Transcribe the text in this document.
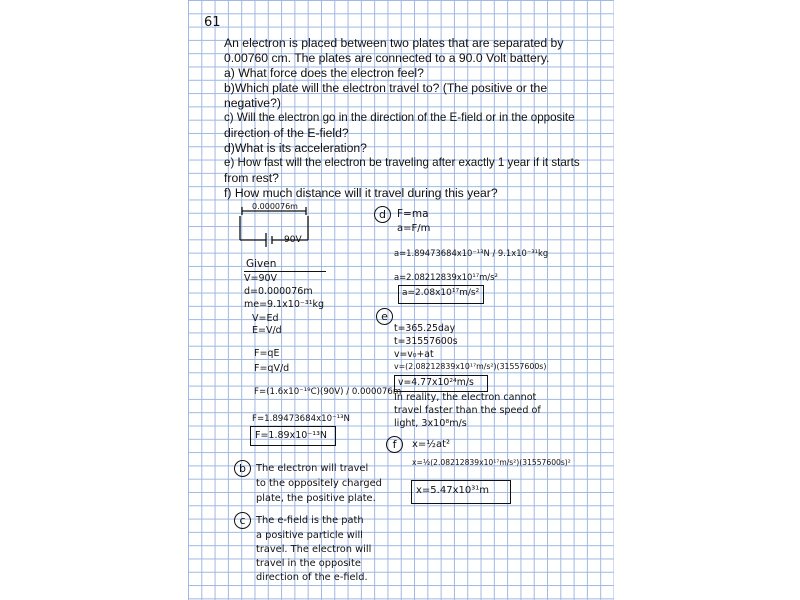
61
An electron is placed between two plates that are separated by
0.00760 cm. The plates are connected to a 90.0 Volt battery.
a) What force does the electron feel?
b)Which plate will the electron travel to? (The positive or the
negative?)
c) Will the electron go in the direction of the E-field or in the opposite
direction of the E-field?
d)What is its acceleration?
e) How fast will the electron be traveling after exactly 1 year if it starts
from rest?
f) How much distance will it travel during this year?
0.000076m
90V
Given
V=90V
d=0.000076m
me=9.1x10⁻³¹kg
V=Ed
E=V/d
F=qE
F=qV/d
F=(1.6x10⁻¹⁹C)(90V) / 0.000076m
F=1.89473684x10⁻¹³N
F=1.89x10⁻¹³N
b	The electron will travel
to the oppositely charged
plate, the positive plate.
c	The e-field is the path
a positive particle will
travel. The electron will
travel in the opposite
direction of the e-field.
d	F=ma
a=F/m
a=1.89473684x10⁻¹³N / 9.1x10⁻³¹kg
a=2.08212839x10¹⁷m/s²
a=2.08x10¹⁷m/s²
e
t=365.25day
t=31557600s
v=v₀+at
v=(2.08212839x10¹⁷m/s²)(31557600s)
v=4.77x10²⁴m/s
In reality, the electron cannot
travel faster than the speed of
light, 3x10⁸m/s
f	x=½at²
x=½(2.08212839x10¹⁷m/s²)(31557600s)²
x=5.47x10³¹m
